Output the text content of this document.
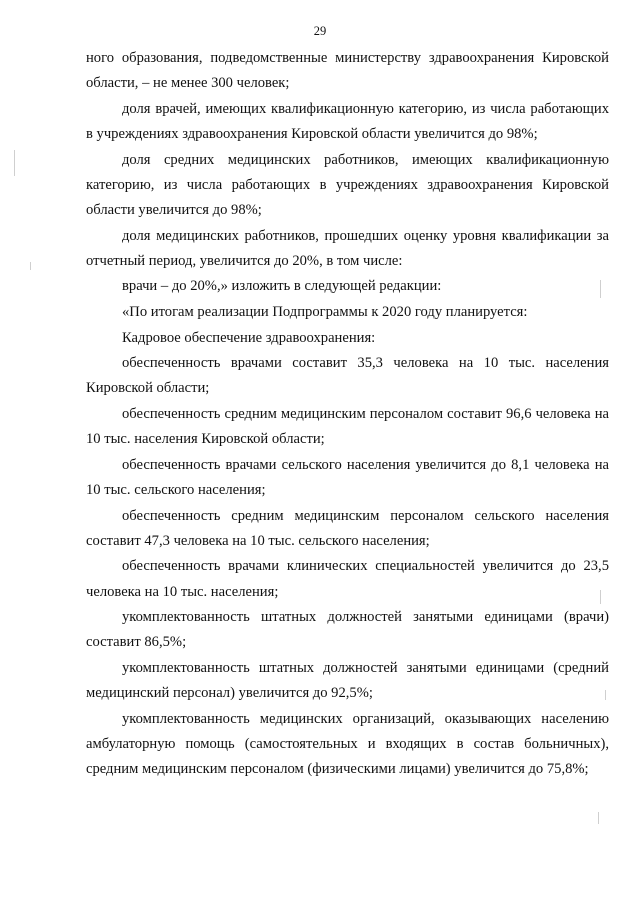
29

ного образования, подведомственные министерству здравоохранения Кировской области, – не менее 300 человек;

доля врачей, имеющих квалификационную категорию, из числа работающих в учреждениях здравоохранения Кировской области увеличится до 98%;

доля средних медицинских работников, имеющих квалификационную категорию, из числа работающих в учреждениях здравоохранения Кировской области увеличится до 98%;

доля медицинских работников, прошедших оценку уровня квалификации за отчетный период, увеличится до 20%, в том числе:

врачи – до 20%,» изложить в следующей редакции:

«По итогам реализации Подпрограммы к 2020 году планируется:

Кадровое обеспечение здравоохранения:

обеспеченность врачами составит 35,3 человека на 10 тыс. населения Кировской области;

обеспеченность средним медицинским персоналом составит 96,6 человека на 10 тыс. населения Кировской области;

обеспеченность врачами сельского населения увеличится до 8,1 человека на 10 тыс. сельского населения;

обеспеченность средним медицинским персоналом сельского населения составит 47,3 человека на 10 тыс. сельского населения;

обеспеченность врачами клинических специальностей увеличится до 23,5 человека на 10 тыс. населения;

укомплектованность штатных должностей занятыми единицами (врачи) составит 86,5%;

укомплектованность штатных должностей занятыми единицами (средний медицинский персонал) увеличится до 92,5%;

укомплектованность медицинских организаций, оказывающих населению амбулаторную помощь (самостоятельных и входящих в состав больничных), средним медицинским персоналом (физическими лицами) увеличится до 75,8%;
